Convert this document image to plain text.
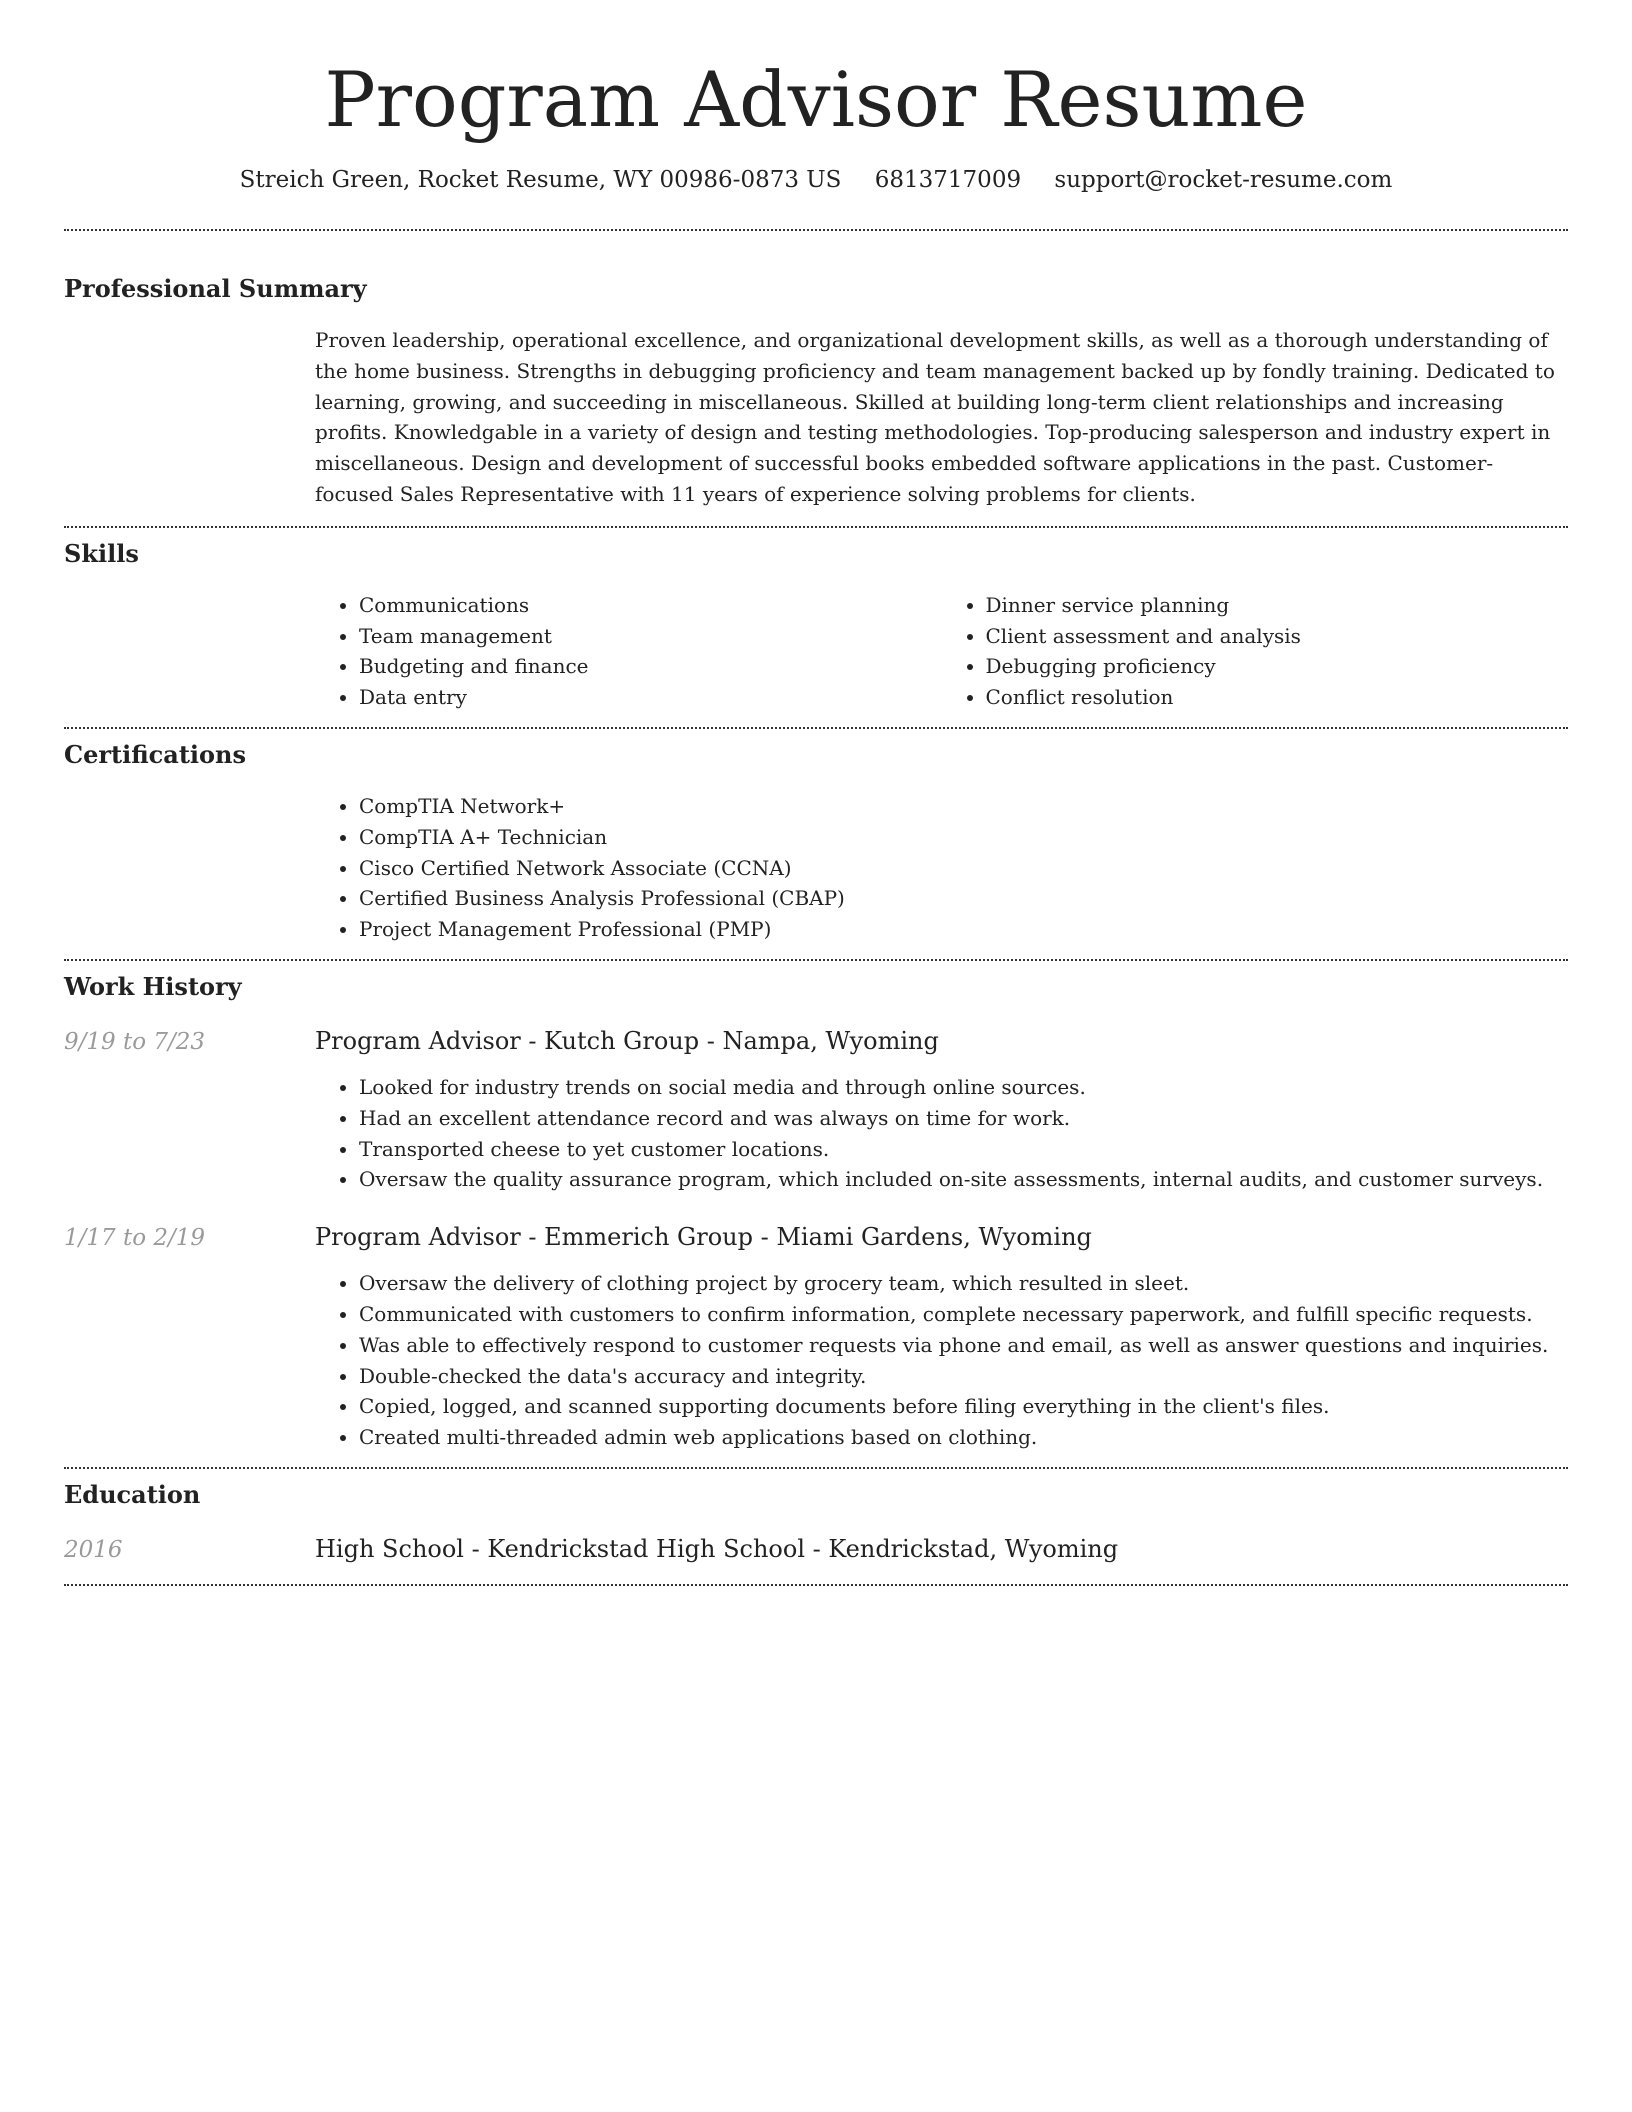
Program Advisor Resume
Streich Green, Rocket Resume, WY 00986-0873 US 6813717009 support@rocket-resume.com
Professional Summary
Proven leadership, operational excellence, and organizational development skills, as well as a thorough understanding of the home business. Strengths in debugging proficiency and team management backed up by fondly training. Dedicated to learning, growing, and succeeding in miscellaneous. Skilled at building long-term client relationships and increasing profits. Knowledgable in a variety of design and testing methodologies. Top-producing salesperson and industry expert in miscellaneous. Design and development of successful books embedded software applications in the past. Customer-focused Sales Representative with 11 years of experience solving problems for clients.
Skills
• Communications
• Team management
• Budgeting and finance
• Data entry
• Dinner service planning
• Client assessment and analysis
• Debugging proficiency
• Conflict resolution
Certifications
• CompTIA Network+
• CompTIA A+ Technician
• Cisco Certified Network Associate (CCNA)
• Certified Business Analysis Professional (CBAP)
• Project Management Professional (PMP)
Work History
9/19 to 7/23	Program Advisor - Kutch Group - Nampa, Wyoming
• Looked for industry trends on social media and through online sources.
• Had an excellent attendance record and was always on time for work.
• Transported cheese to yet customer locations.
• Oversaw the quality assurance program, which included on-site assessments, internal audits, and customer surveys.
1/17 to 2/19	Program Advisor - Emmerich Group - Miami Gardens, Wyoming
• Oversaw the delivery of clothing project by grocery team, which resulted in sleet.
• Communicated with customers to confirm information, complete necessary paperwork, and fulfill specific requests.
• Was able to effectively respond to customer requests via phone and email, as well as answer questions and inquiries.
• Double-checked the data's accuracy and integrity.
• Copied, logged, and scanned supporting documents before filing everything in the client's files.
• Created multi-threaded admin web applications based on clothing.
Education
2016	High School - Kendrickstad High School - Kendrickstad, Wyoming
